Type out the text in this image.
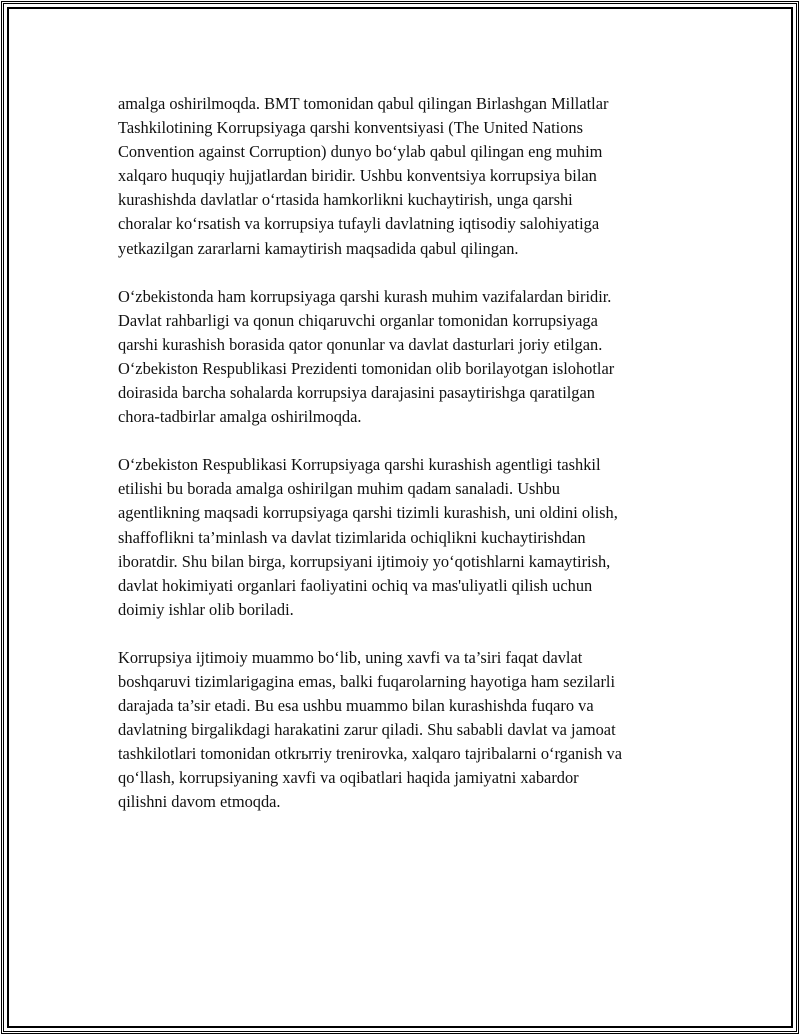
amalga oshirilmoqda. BMT tomonidan qabul qilingan Birlashgan Millatlar
Tashkilotining Korrupsiyaga qarshi konventsiyasi (The United Nations
Convention against Corruption) dunyo bo‘ylab qabul qilingan eng muhim
xalqaro huquqiy hujjatlardan biridir. Ushbu konventsiya korrupsiya bilan
kurashishda davlatlar o‘rtasida hamkorlikni kuchaytirish, unga qarshi
choralar ko‘rsatish va korrupsiya tufayli davlatning iqtisodiy salohiyatiga
yetkazilgan zararlarni kamaytirish maqsadida qabul qilingan.

O‘zbekistonda ham korrupsiyaga qarshi kurash muhim vazifalardan biridir.
Davlat rahbarligi va qonun chiqaruvchi organlar tomonidan korrupsiyaga
qarshi kurashish borasida qator qonunlar va davlat dasturlari joriy etilgan.
O‘zbekiston Respublikasi Prezidenti tomonidan olib borilayotgan islohotlar
doirasida barcha sohalarda korrupsiya darajasini pasaytirishga qaratilgan
chora-tadbirlar amalga oshirilmoqda.

O‘zbekiston Respublikasi Korrupsiyaga qarshi kurashish agentligi tashkil
etilishi bu borada amalga oshirilgan muhim qadam sanaladi. Ushbu
agentlikning maqsadi korrupsiyaga qarshi tizimli kurashish, uni oldini olish,
shaffoflikni ta’minlash va davlat tizimlarida ochiqlikni kuchaytirishdan
iboratdir. Shu bilan birga, korrupsiyani ijtimoiy yo‘qotishlarni kamaytirish,
davlat hokimiyati organlari faoliyatini ochiq va mas'uliyatli qilish uchun
doimiy ishlar olib boriladi.

Korrupsiya ijtimoiy muammo bo‘lib, uning xavfi va ta’siri faqat davlat
boshqaruvi tizimlarigagina emas, balki fuqarolarning hayotiga ham sezilarli
darajada ta’sir etadi. Bu esa ushbu muammo bilan kurashishda fuqaro va
davlatning birgalikdagi harakatini zarur qiladi. Shu sababli davlat va jamoat
tashkilotlari tomonidan otkrытiy trenirovka, xalqaro tajribalarni o‘rganish va
qo‘llash, korrupsiyaning xavfi va oqibatlari haqida jamiyatni xabardor
qilishni davom etmoqda.
